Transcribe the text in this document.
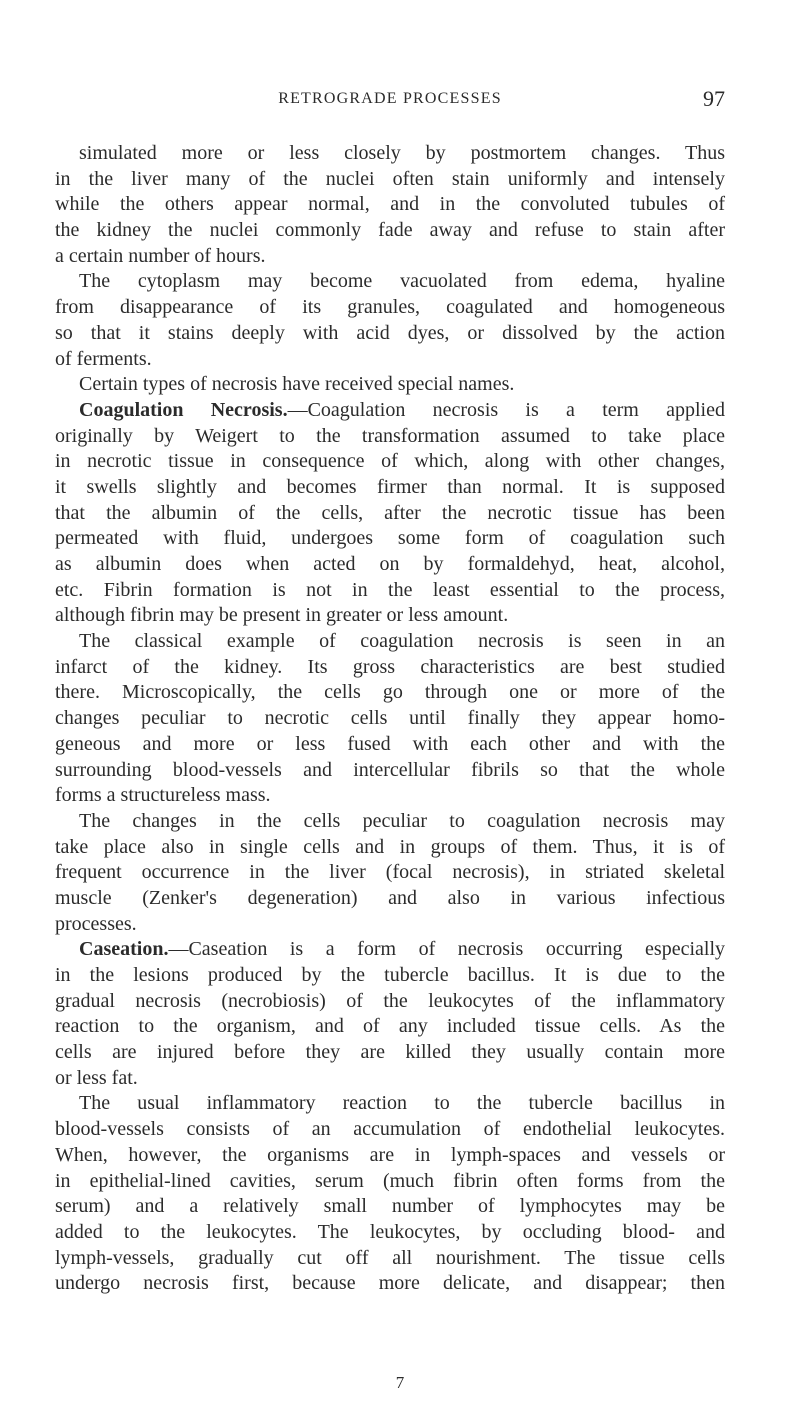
RETROGRADE PROCESSES	97
simulated more or less closely by postmortem changes. Thus
in the liver many of the nuclei often stain uniformly and intensely
while the others appear normal, and in the convoluted tubules of
the kidney the nuclei commonly fade away and refuse to stain after
a certain number of hours.
The cytoplasm may become vacuolated from edema, hyaline
from disappearance of its granules, coagulated and homogeneous
so that it stains deeply with acid dyes, or dissolved by the action
of ferments.
Certain types of necrosis have received special names.
Coagulation Necrosis.—Coagulation necrosis is a term applied
originally by Weigert to the transformation assumed to take place
in necrotic tissue in consequence of which, along with other changes,
it swells slightly and becomes firmer than normal. It is supposed
that the albumin of the cells, after the necrotic tissue has been
permeated with fluid, undergoes some form of coagulation such
as albumin does when acted on by formaldehyd, heat, alcohol,
etc. Fibrin formation is not in the least essential to the process,
although fibrin may be present in greater or less amount.
The classical example of coagulation necrosis is seen in an
infarct of the kidney. Its gross characteristics are best studied
there. Microscopically, the cells go through one or more of the
changes peculiar to necrotic cells until finally they appear homo-
geneous and more or less fused with each other and with the
surrounding blood-vessels and intercellular fibrils so that the whole
forms a structureless mass.
The changes in the cells peculiar to coagulation necrosis may
take place also in single cells and in groups of them. Thus, it is of
frequent occurrence in the liver (focal necrosis), in striated skeletal
muscle (Zenker's degeneration) and also in various infectious
processes.
Caseation.—Caseation is a form of necrosis occurring especially
in the lesions produced by the tubercle bacillus. It is due to the
gradual necrosis (necrobiosis) of the leukocytes of the inflammatory
reaction to the organism, and of any included tissue cells. As the
cells are injured before they are killed they usually contain more
or less fat.
The usual inflammatory reaction to the tubercle bacillus in
blood-vessels consists of an accumulation of endothelial leukocytes.
When, however, the organisms are in lymph-spaces and vessels or
in epithelial-lined cavities, serum (much fibrin often forms from the
serum) and a relatively small number of lymphocytes may be
added to the leukocytes. The leukocytes, by occluding blood- and
lymph-vessels, gradually cut off all nourishment. The tissue cells
undergo necrosis first, because more delicate, and disappear; then
7
